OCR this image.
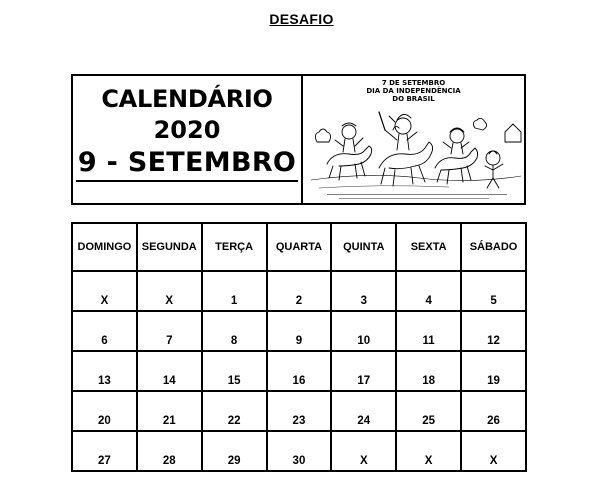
DESAFIO
CALENDÁRIO
2020
9 - SETEMBRO
7 DE SETEMBRO
DIA DA INDEPENDÊNCIA
DO BRASIL
DOMINGO	SEGUNDA	TERÇA	QUARTA	QUINTA	SEXTA	SÁBADO
X	X	1	2	3	4	5
6	7	8	9	10	11	12
13	14	15	16	17	18	19
20	21	22	23	24	25	26
27	28	29	30	X	X	X
